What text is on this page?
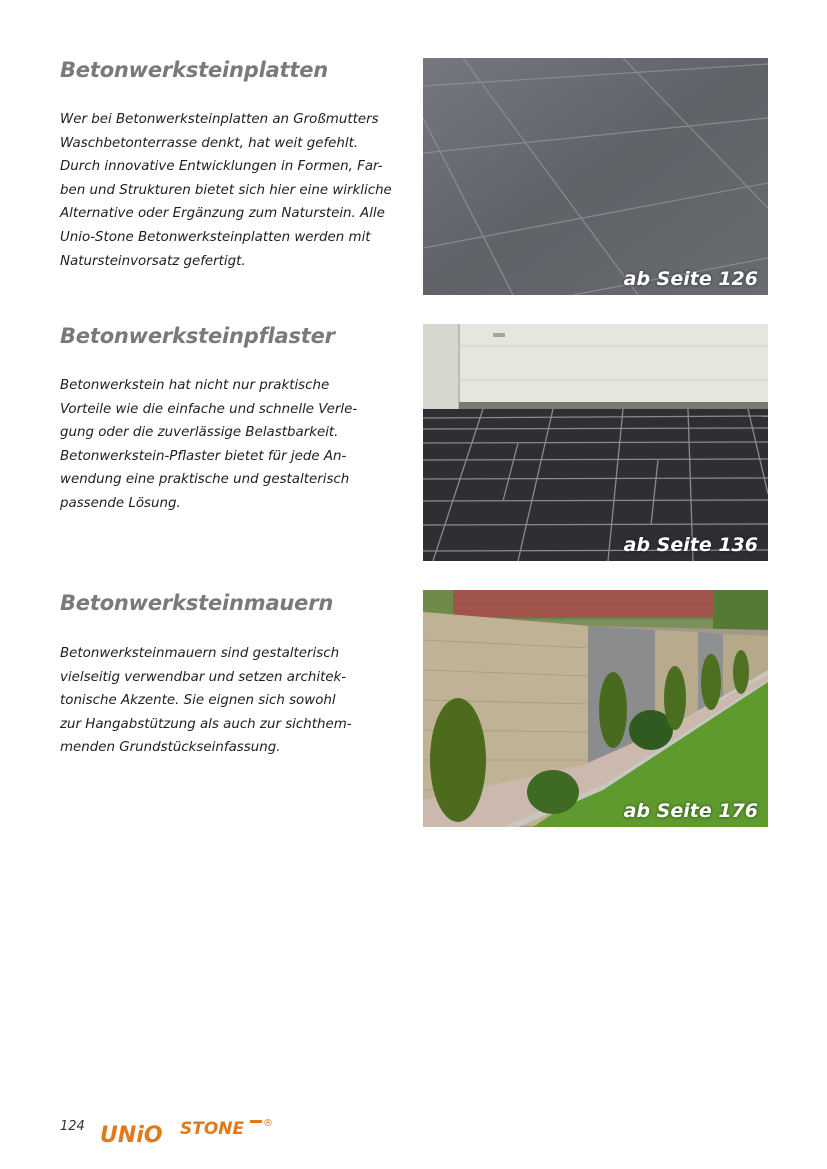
Betonwerksteinplatten

Wer bei Betonwerksteinplatten an Großmutters
Waschbetonterrasse denkt, hat weit gefehlt.
Durch innovative Entwicklungen in Formen, Far-
ben und Strukturen bietet sich hier eine wirkliche
Alternative oder Ergänzung zum Naturstein. Alle
Unio-Stone Betonwerksteinplatten werden mit
Natursteinvorsatz gefertigt.

ab Seite 126
Betonwerksteinpflaster

Betonwerkstein hat nicht nur praktische
Vorteile wie die einfache und schnelle Verle-
gung oder die zuverlässige Belastbarkeit.
Betonwerkstein-Pflaster bietet für jede An-
wendung eine praktische und gestalterisch
passende Lösung.

ab Seite 136
Betonwerksteinmauern

Betonwerksteinmauern sind gestalterisch
vielseitig verwendbar und setzen architek-
tonische Akzente. Sie eignen sich sowohl
zur Hangabstützung als auch zur sichthem-
menden Grundstückseinfassung.

ab Seite 176
124 UNiO STONE ®
